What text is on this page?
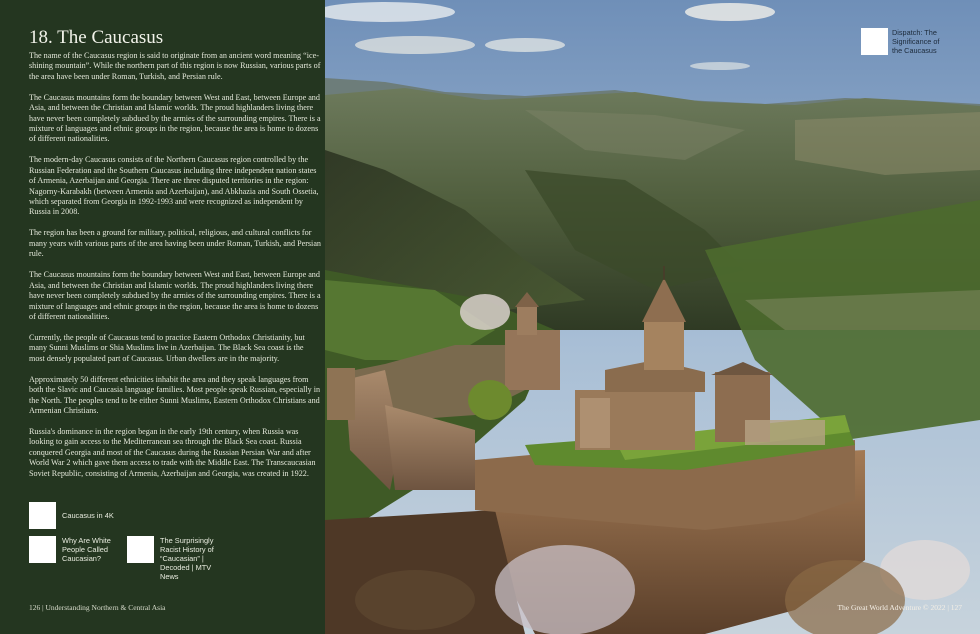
18. The Caucasus

The name of the Caucasus region is said to originate from an ancient word meaning “ice-shining mountain”. While the northern part of this region is now Russian, various parts of the area have been under Roman, Turkish, and Persian rule.

The Caucasus mountains form the boundary between West and East, between Europe and Asia, and between the Christian and Islamic worlds. The proud highlanders living there have never been completely subdued by the armies of the surrounding empires. There is a mixture of languages and ethnic groups in the region, because the area is home to dozens of different nationalities.

The modern-day Caucasus consists of the Northern Caucasus region controlled by the Russian Federation and the Southern Caucasus including three independent nation states of Armenia, Azerbaijan and Georgia. There are three disputed territories in the region: Nagorny-Karabakh (between Armenia and Azerbaijan), and Abkhazia and South Ossetia, which separated from Georgia in 1992-1993 and were recognized as independent by Russia in 2008.

The region has been a ground for military, political, religious, and cultural conflicts for many years with various parts of the area having been under Roman, Turkish, and Persian rule.

The Caucasus mountains form the boundary between West and East, between Europe and Asia, and between the Christian and Islamic worlds. The proud highlanders living there have never been completely subdued by the armies of the surrounding empires. There is a mixture of languages and ethnic groups in the region, because the area is home to dozens of different nationalities.

Currently, the people of Caucasus tend to practice Eastern Orthodox Christianity, but many Sunni Muslims or Shia Muslims live in Azerbaijan. The Black Sea coast is the most densely populated part of Caucasus. Urban dwellers are in the majority.

Approximately 50 different ethnicities inhabit the area and they speak languages from both the Slavic and Caucasia language families. Most people speak Russian, especially in the North. The peoples tend to be either Sunni Muslims, Eastern Orthodox Christians and Armenian Christians.

Russia's dominance in the region began in the early 19th century, when Russia was looking to gain access to the Mediterranean sea through the Black Sea coast. Russia conquered Georgia and most of the Caucasus during the Russian Persian War and after World War 2 which gave them access to trade with the Middle East. The Transcaucasian Soviet Republic, consisting of Armenia, Azerbaijan and Georgia, was created in 1922.

Caucasus in 4K
Why Are White People Called Caucasian?
The Surprisingly Racist History of “Caucasian” | Decoded | MTV News
126 | Understanding Northern & Central Asia
Dispatch: The Significance of the Caucasus
The Great World Adventure © 2022 | 127
